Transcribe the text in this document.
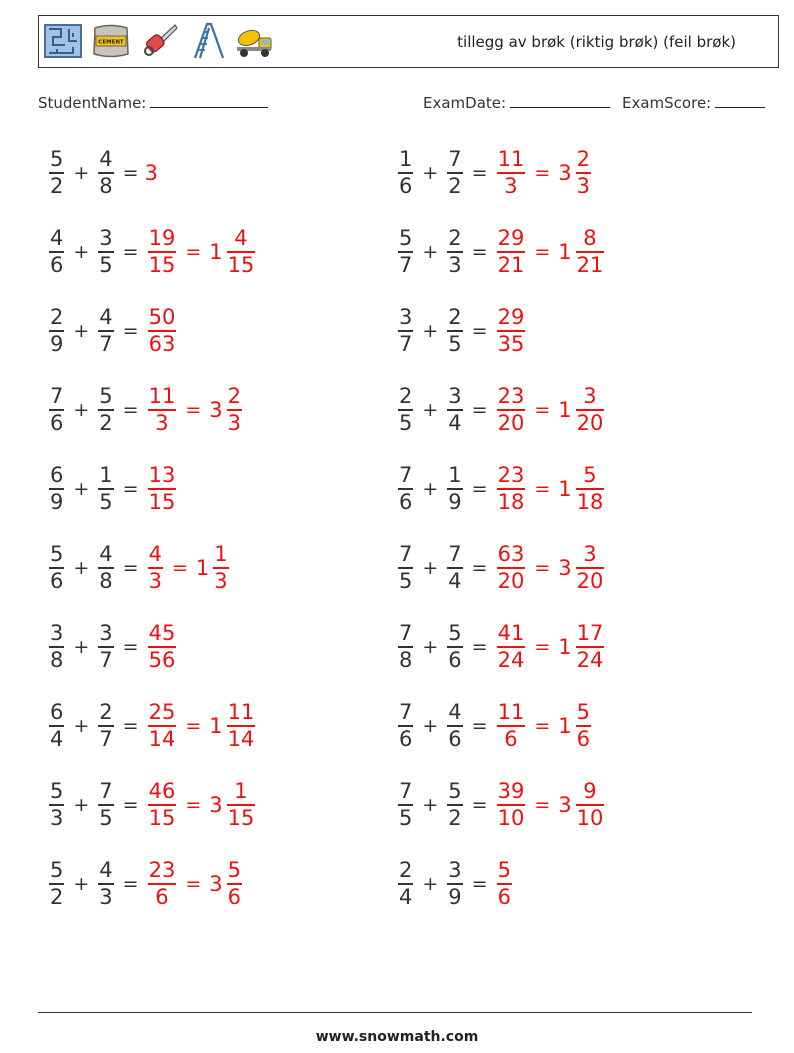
CEMENT	tillegg av brøk (riktig brøk) (feil brøk)
StudentName:	ExamDate:	ExamScore:
$\frac{5}{2} + \frac{4}{8} = 3$
$\frac{4}{6} + \frac{3}{5} = \frac{19}{15} = 1 \frac{4}{15}$
$\frac{2}{9} + \frac{4}{7} = \frac{50}{63}$
$\frac{7}{6} + \frac{5}{2} = \frac{11}{3} = 3 \frac{2}{3}$
$\frac{6}{9} + \frac{1}{5} = \frac{13}{15}$
$\frac{5}{6} + \frac{4}{8} = \frac{4}{3} = 1 \frac{1}{3}$
$\frac{3}{8} + \frac{3}{7} = \frac{45}{56}$
$\frac{6}{4} + \frac{2}{7} = \frac{25}{14} = 1 \frac{11}{14}$
$\frac{5}{3} + \frac{7}{5} = \frac{46}{15} = 3 \frac{1}{15}$
$\frac{5}{2} + \frac{4}{3} = \frac{23}{6} = 3 \frac{5}{6}$
$\frac{1}{6} + \frac{7}{2} = \frac{11}{3} = 3 \frac{2}{3}$
$\frac{5}{7} + \frac{2}{3} = \frac{29}{21} = 1 \frac{8}{21}$
$\frac{3}{7} + \frac{2}{5} = \frac{29}{35}$
$\frac{2}{5} + \frac{3}{4} = \frac{23}{20} = 1 \frac{3}{20}$
$\frac{7}{6} + \frac{1}{9} = \frac{23}{18} = 1 \frac{5}{18}$
$\frac{7}{5} + \frac{7}{4} = \frac{63}{20} = 3 \frac{3}{20}$
$\frac{7}{8} + \frac{5}{6} = \frac{41}{24} = 1 \frac{17}{24}$
$\frac{7}{6} + \frac{4}{6} = \frac{11}{6} = 1 \frac{5}{6}$
$\frac{7}{5} + \frac{5}{2} = \frac{39}{10} = 3 \frac{9}{10}$
$\frac{2}{4} + \frac{3}{9} = \frac{5}{6}$
www.snowmath.com
